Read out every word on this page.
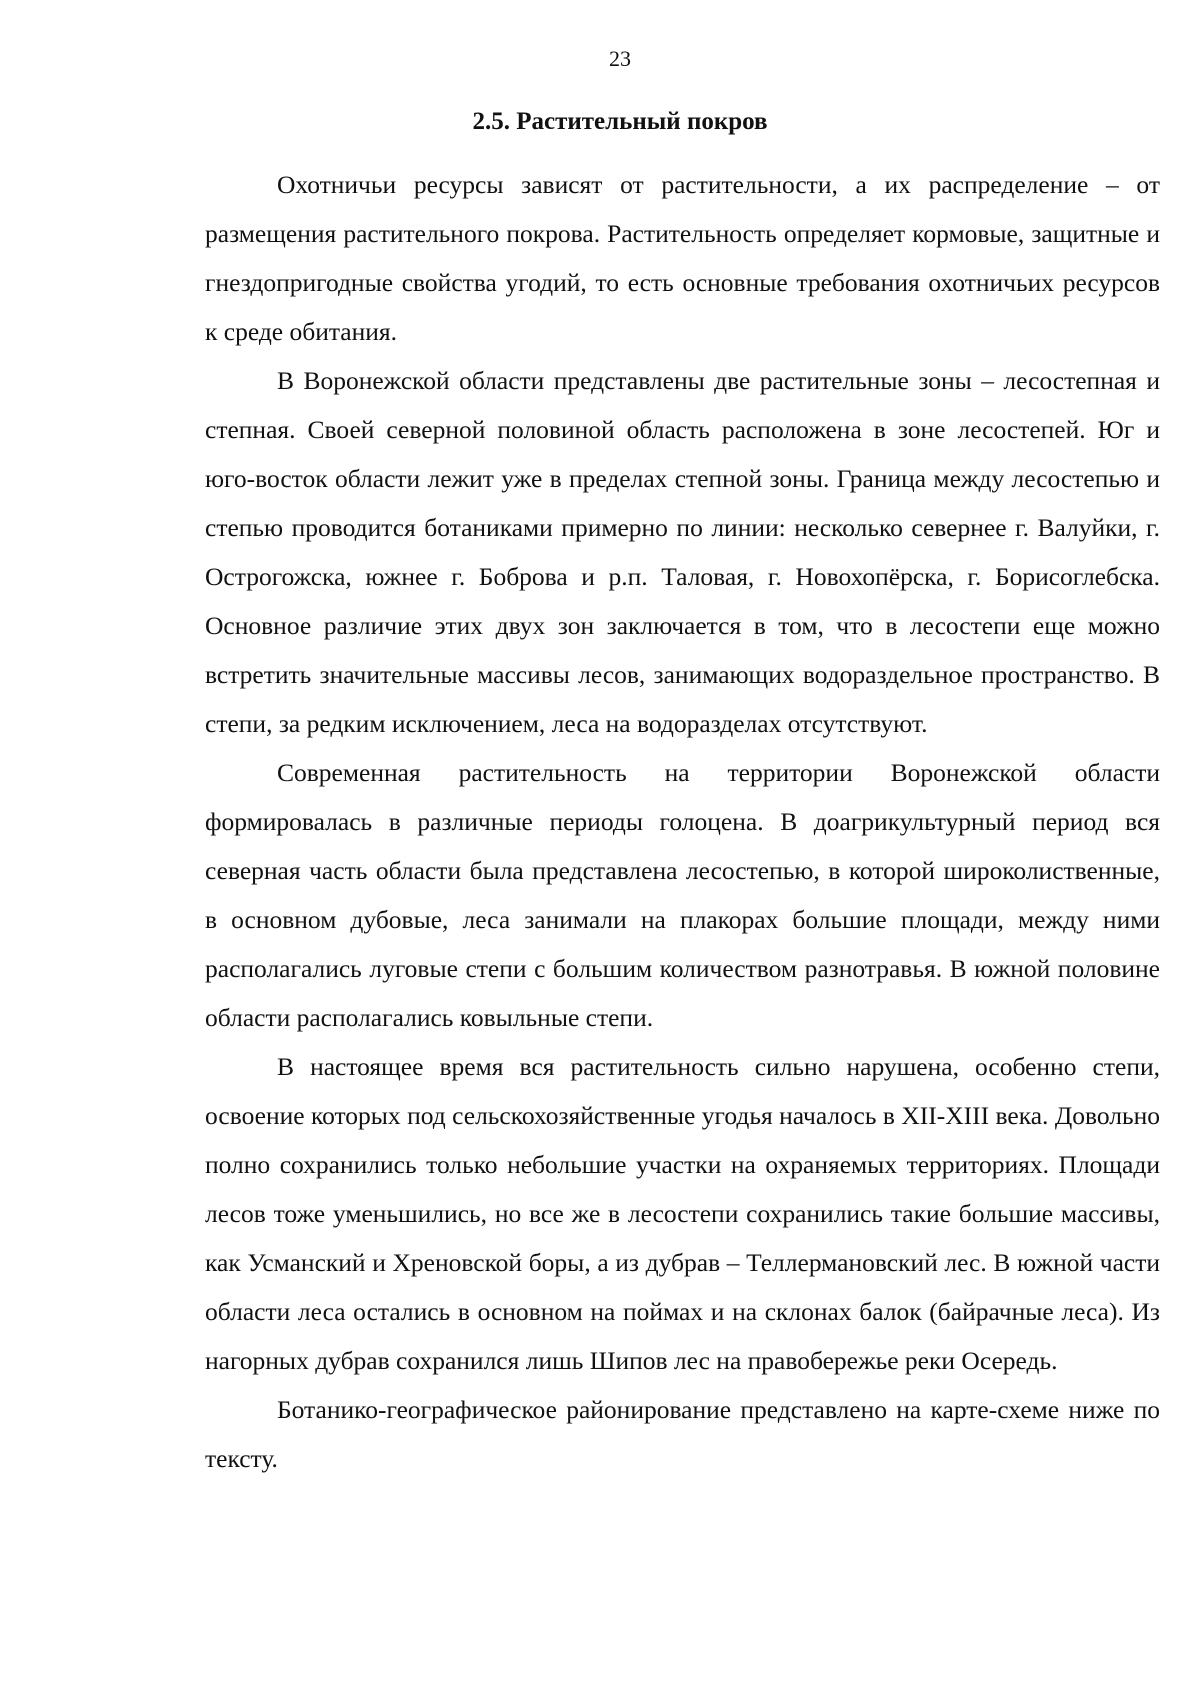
23
2.5. Растительный покров

Охотничьи ресурсы зависят от растительности, а их распределение – от размещения растительного покрова. Растительность определяет кормовые, защитные и гнездопригодные свойства угодий, то есть основные требования охотничьих ресурсов к среде обитания.

В Воронежской области представлены две растительные зоны – лесостепная и степная. Своей северной половиной область расположена в зоне лесостепей. Юг и юго-восток области лежит уже в пределах степной зоны. Граница между лесостепью и степью проводится ботаниками примерно по линии: несколько севернее г. Валуйки, г. Острогожска, южнее г. Боброва и р.п. Таловая, г. Новохопёрска, г. Борисоглебска. Основное различие этих двух зон заключается в том, что в лесостепи еще можно встретить значительные массивы лесов, занимающих водораздельное пространство. В степи, за редким исключением, леса на водоразделах отсутствуют.

Современная растительность на территории Воронежской области формировалась в различные периоды голоцена. В доагрикультурный период вся северная часть области была представлена лесостепью, в которой широколиственные, в основном дубовые, леса занимали на плакорах большие площади, между ними располагались луговые степи с большим количеством разнотравья. В южной половине области располагались ковыльные степи.

В настоящее время вся растительность сильно нарушена, особенно степи, освоение которых под сельскохозяйственные угодья началось в XII-XIII века. Довольно полно сохранились только небольшие участки на охраняемых территориях. Площади лесов тоже уменьшились, но все же в лесостепи сохранились такие большие массивы, как Усманский и Хреновской боры, а из дубрав – Теллермановский лес. В южной части области леса остались в основном на поймах и на склонах балок (байрачные леса). Из нагорных дубрав сохранился лишь Шипов лес на правобережье реки Осередь.

Ботанико-географическое районирование представлено на карте-схеме ниже по тексту.
